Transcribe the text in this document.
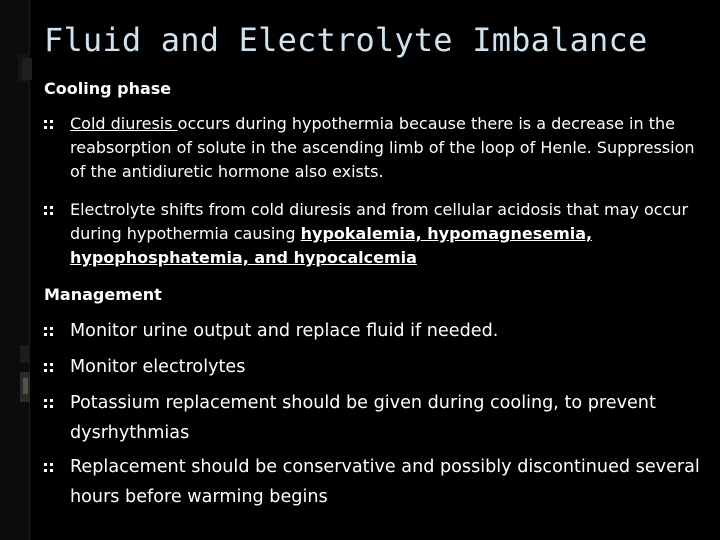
Fluid and Electrolyte Imbalance
Cooling phase
Cold diuresis occurs during hypothermia because there is a decrease in the reabsorption of solute in the ascending limb of the loop of Henle. Suppression of the antidiuretic hormone also exists.
Electrolyte shifts from cold diuresis and from cellular acidosis that may occur during hypothermia causing hypokalemia, hypomagnesemia, hypophosphatemia, and hypocalcemia
Management
Monitor urine output and replace fluid if needed.
Monitor electrolytes
Potassium replacement should be given during cooling, to prevent dysrhythmias
Replacement should be conservative and possibly discontinued several hours before warming begins
